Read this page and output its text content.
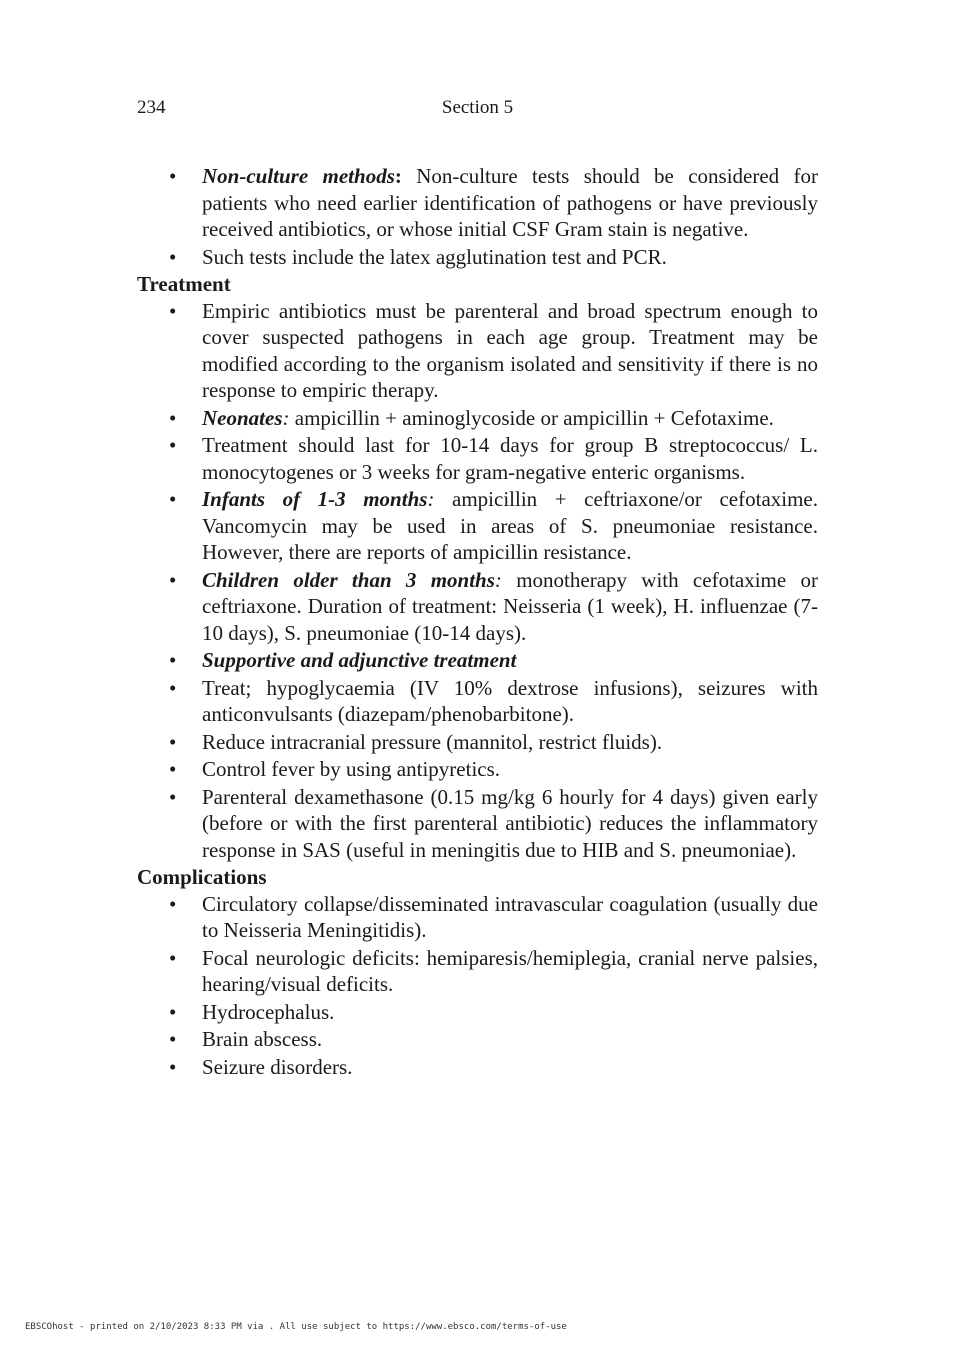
234	Section 5
• Non-culture methods: Non-culture tests should be considered for patients who need earlier identification of pathogens or have previously received antibiotics, or whose initial CSF Gram stain is negative.
• Such tests include the latex agglutination test and PCR.
Treatment
• Empiric antibiotics must be parenteral and broad spectrum enough to cover suspected pathogens in each age group. Treatment may be modified according to the organism isolated and sensitivity if there is no response to empiric therapy.
• Neonates: ampicillin + aminoglycoside or ampicillin + Cefotaxime.
• Treatment should last for 10-14 days for group B streptococcus/ L. monocytogenes or 3 weeks for gram-negative enteric organisms.
• Infants of 1-3 months: ampicillin + ceftriaxone/or cefotaxime. Vancomycin may be used in areas of S. pneumoniae resistance. However, there are reports of ampicillin resistance.
• Children older than 3 months: monotherapy with cefotaxime or ceftriaxone. Duration of treatment: Neisseria (1 week), H. influenzae (7-10 days), S. pneumoniae (10-14 days).
• Supportive and adjunctive treatment
• Treat; hypoglycaemia (IV 10% dextrose infusions), seizures with anticonvulsants (diazepam/phenobarbitone).
• Reduce intracranial pressure (mannitol, restrict fluids).
• Control fever by using antipyretics.
• Parenteral dexamethasone (0.15 mg/kg 6 hourly for 4 days) given early (before or with the first parenteral antibiotic) reduces the inflammatory response in SAS (useful in meningitis due to HIB and S. pneumoniae).
Complications
• Circulatory collapse/disseminated intravascular coagulation (usually due to Neisseria Meningitidis).
• Focal neurologic deficits: hemiparesis/hemiplegia, cranial nerve palsies, hearing/visual deficits.
• Hydrocephalus.
• Brain abscess.
• Seizure disorders.
EBSCOhost - printed on 2/10/2023 8:33 PM via . All use subject to https://www.ebsco.com/terms-of-use
